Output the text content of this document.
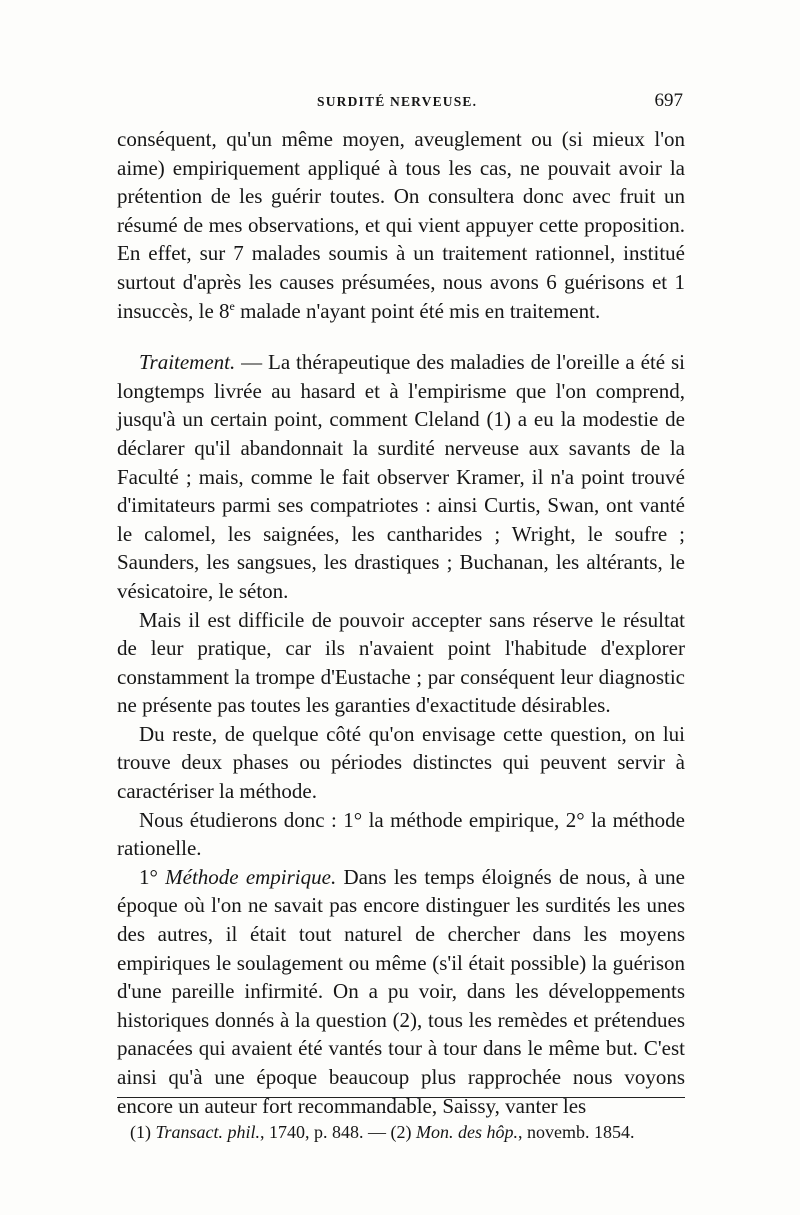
SURDITÉ NERVEUSE.	697

conséquent, qu'un même moyen, aveuglement ou (si mieux l'on aime) empiriquement appliqué à tous les cas, ne pouvait avoir la prétention de les guérir toutes. On consultera donc avec fruit un résumé de mes observations, et qui vient appuyer cette proposition. En effet, sur 7 malades soumis à un traitement rationnel, institué surtout d'après les causes présumées, nous avons 6 guérisons et 1 insuccès, le 8e malade n'ayant point été mis en traitement.

Traitement. — La thérapeutique des maladies de l'oreille a été si longtemps livrée au hasard et à l'empirisme que l'on comprend, jusqu'à un certain point, comment Cleland (1) a eu la modestie de déclarer qu'il abandonnait la surdité nerveuse aux savants de la Faculté ; mais, comme le fait observer Kramer, il n'a point trouvé d'imitateurs parmi ses compatriotes : ainsi Curtis, Swan, ont vanté le calomel, les saignées, les cantharides ; Wright, le soufre ; Saunders, les sangsues, les drastiques ; Buchanan, les altérants, le vésicatoire, le séton.

Mais il est difficile de pouvoir accepter sans réserve le résultat de leur pratique, car ils n'avaient point l'habitude d'explorer constamment la trompe d'Eustache ; par conséquent leur diagnostic ne présente pas toutes les garanties d'exactitude désirables.

Du reste, de quelque côté qu'on envisage cette question, on lui trouve deux phases ou périodes distinctes qui peuvent servir à caractériser la méthode.

Nous étudierons donc : 1° la méthode empirique, 2° la méthode rationelle.

1° Méthode empirique. Dans les temps éloignés de nous, à une époque où l'on ne savait pas encore distinguer les surdités les unes des autres, il était tout naturel de chercher dans les moyens empiriques le soulagement ou même (s'il était possible) la guérison d'une pareille infirmité. On a pu voir, dans les développements historiques donnés à la question (2), tous les remèdes et prétendues panacées qui avaient été vantés tour à tour dans le même but. C'est ainsi qu'à une époque beaucoup plus rapprochée nous voyons encore un auteur fort recommandable, Saissy, vanter les

(1) Transact. phil., 1740, p. 848. — (2) Mon. des hôp., novemb. 1854.
